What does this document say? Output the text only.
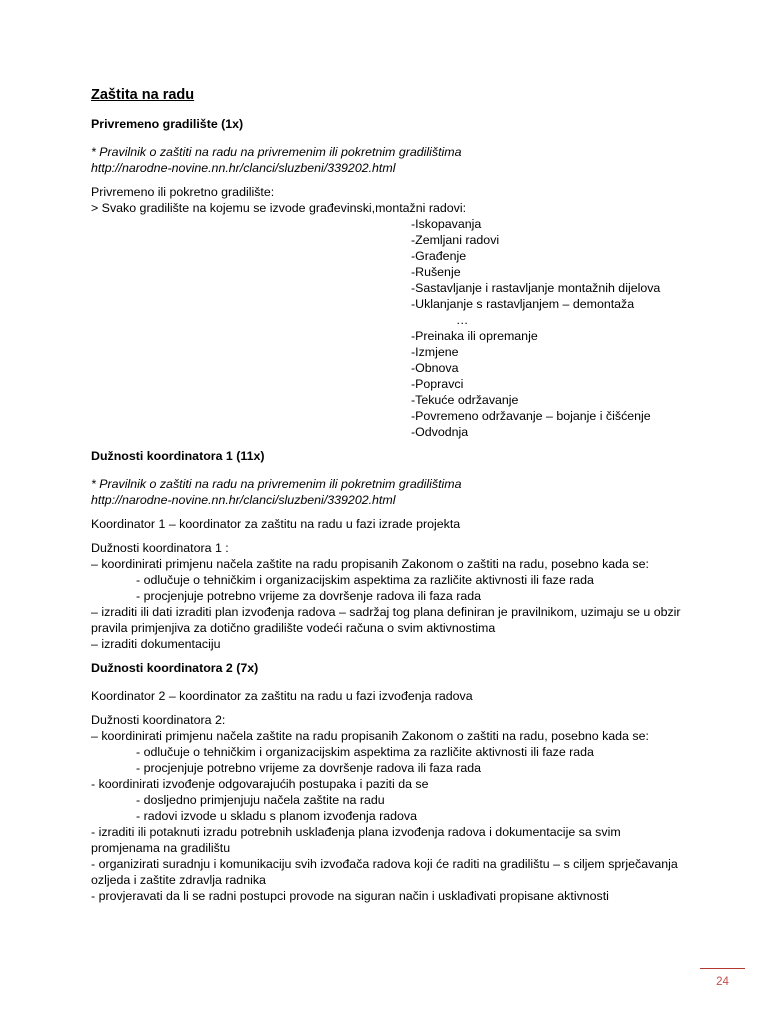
Zaštita na radu
Privremeno gradilište (1x)
* Pravilnik o zaštiti na radu na privremenim ili pokretnim gradilištima
http://narodne-novine.nn.hr/clanci/sluzbeni/339202.html
Privremeno ili pokretno gradilište:
> Svako gradilište na kojemu se izvode građevinski,montažni radovi:
-Iskopavanja
-Zemljani radovi
-Građenje
-Rušenje
-Sastavljanje i rastavljanje montažnih dijelova
-Uklanjanje s rastavljanjem – demontaža
…
-Preinaka ili opremanje
-Izmjene
-Obnova
-Popravci
-Tekuće održavanje
-Povremeno održavanje – bojanje i čišćenje
-Odvodnja
Dužnosti koordinatora 1 (11x)
* Pravilnik o zaštiti na radu na privremenim ili pokretnim gradilištima
http://narodne-novine.nn.hr/clanci/sluzbeni/339202.html
Koordinator 1 – koordinator za zaštitu na radu u fazi izrade projekta
Dužnosti koordinatora 1 :
– koordinirati primjenu načela zaštite na radu propisanih Zakonom o zaštiti na radu, posebno kada se:
- odlučuje o tehničkim i organizacijskim aspektima za različite aktivnosti ili faze rada
- procjenjuje potrebno vrijeme za dovršenje radova ili faza rada
– izraditi ili dati izraditi plan izvođenja radova – sadržaj tog plana definiran je pravilnikom, uzimaju se u obzir pravila primjenjiva za dotično gradilište vodeći računa o svim aktivnostima
– izraditi dokumentaciju
Dužnosti koordinatora 2 (7x)
Koordinator 2 – koordinator za zaštitu na radu u fazi izvođenja radova
Dužnosti koordinatora 2:
– koordinirati primjenu načela zaštite na radu propisanih Zakonom o zaštiti na radu, posebno kada se:
- odlučuje o tehničkim i organizacijskim aspektima za različite aktivnosti ili faze rada
- procjenjuje potrebno vrijeme za dovršenje radova ili faza rada
- koordinirati izvođenje odgovarajućih postupaka i paziti da se
- dosljedno primjenjuju načela zaštite na radu
- radovi izvode u skladu s planom izvođenja radova
- izraditi ili potaknuti izradu potrebnih usklađenja plana izvođenja radova i dokumentacije sa svim promjenama na gradilištu
- organizirati suradnju i komunikaciju svih izvođača radova koji će raditi na gradilištu – s ciljem sprječavanja ozljeda i zaštite zdravlja radnika
- provjeravati da li se radni postupci provode na siguran način i usklađivati propisane aktivnosti
24
